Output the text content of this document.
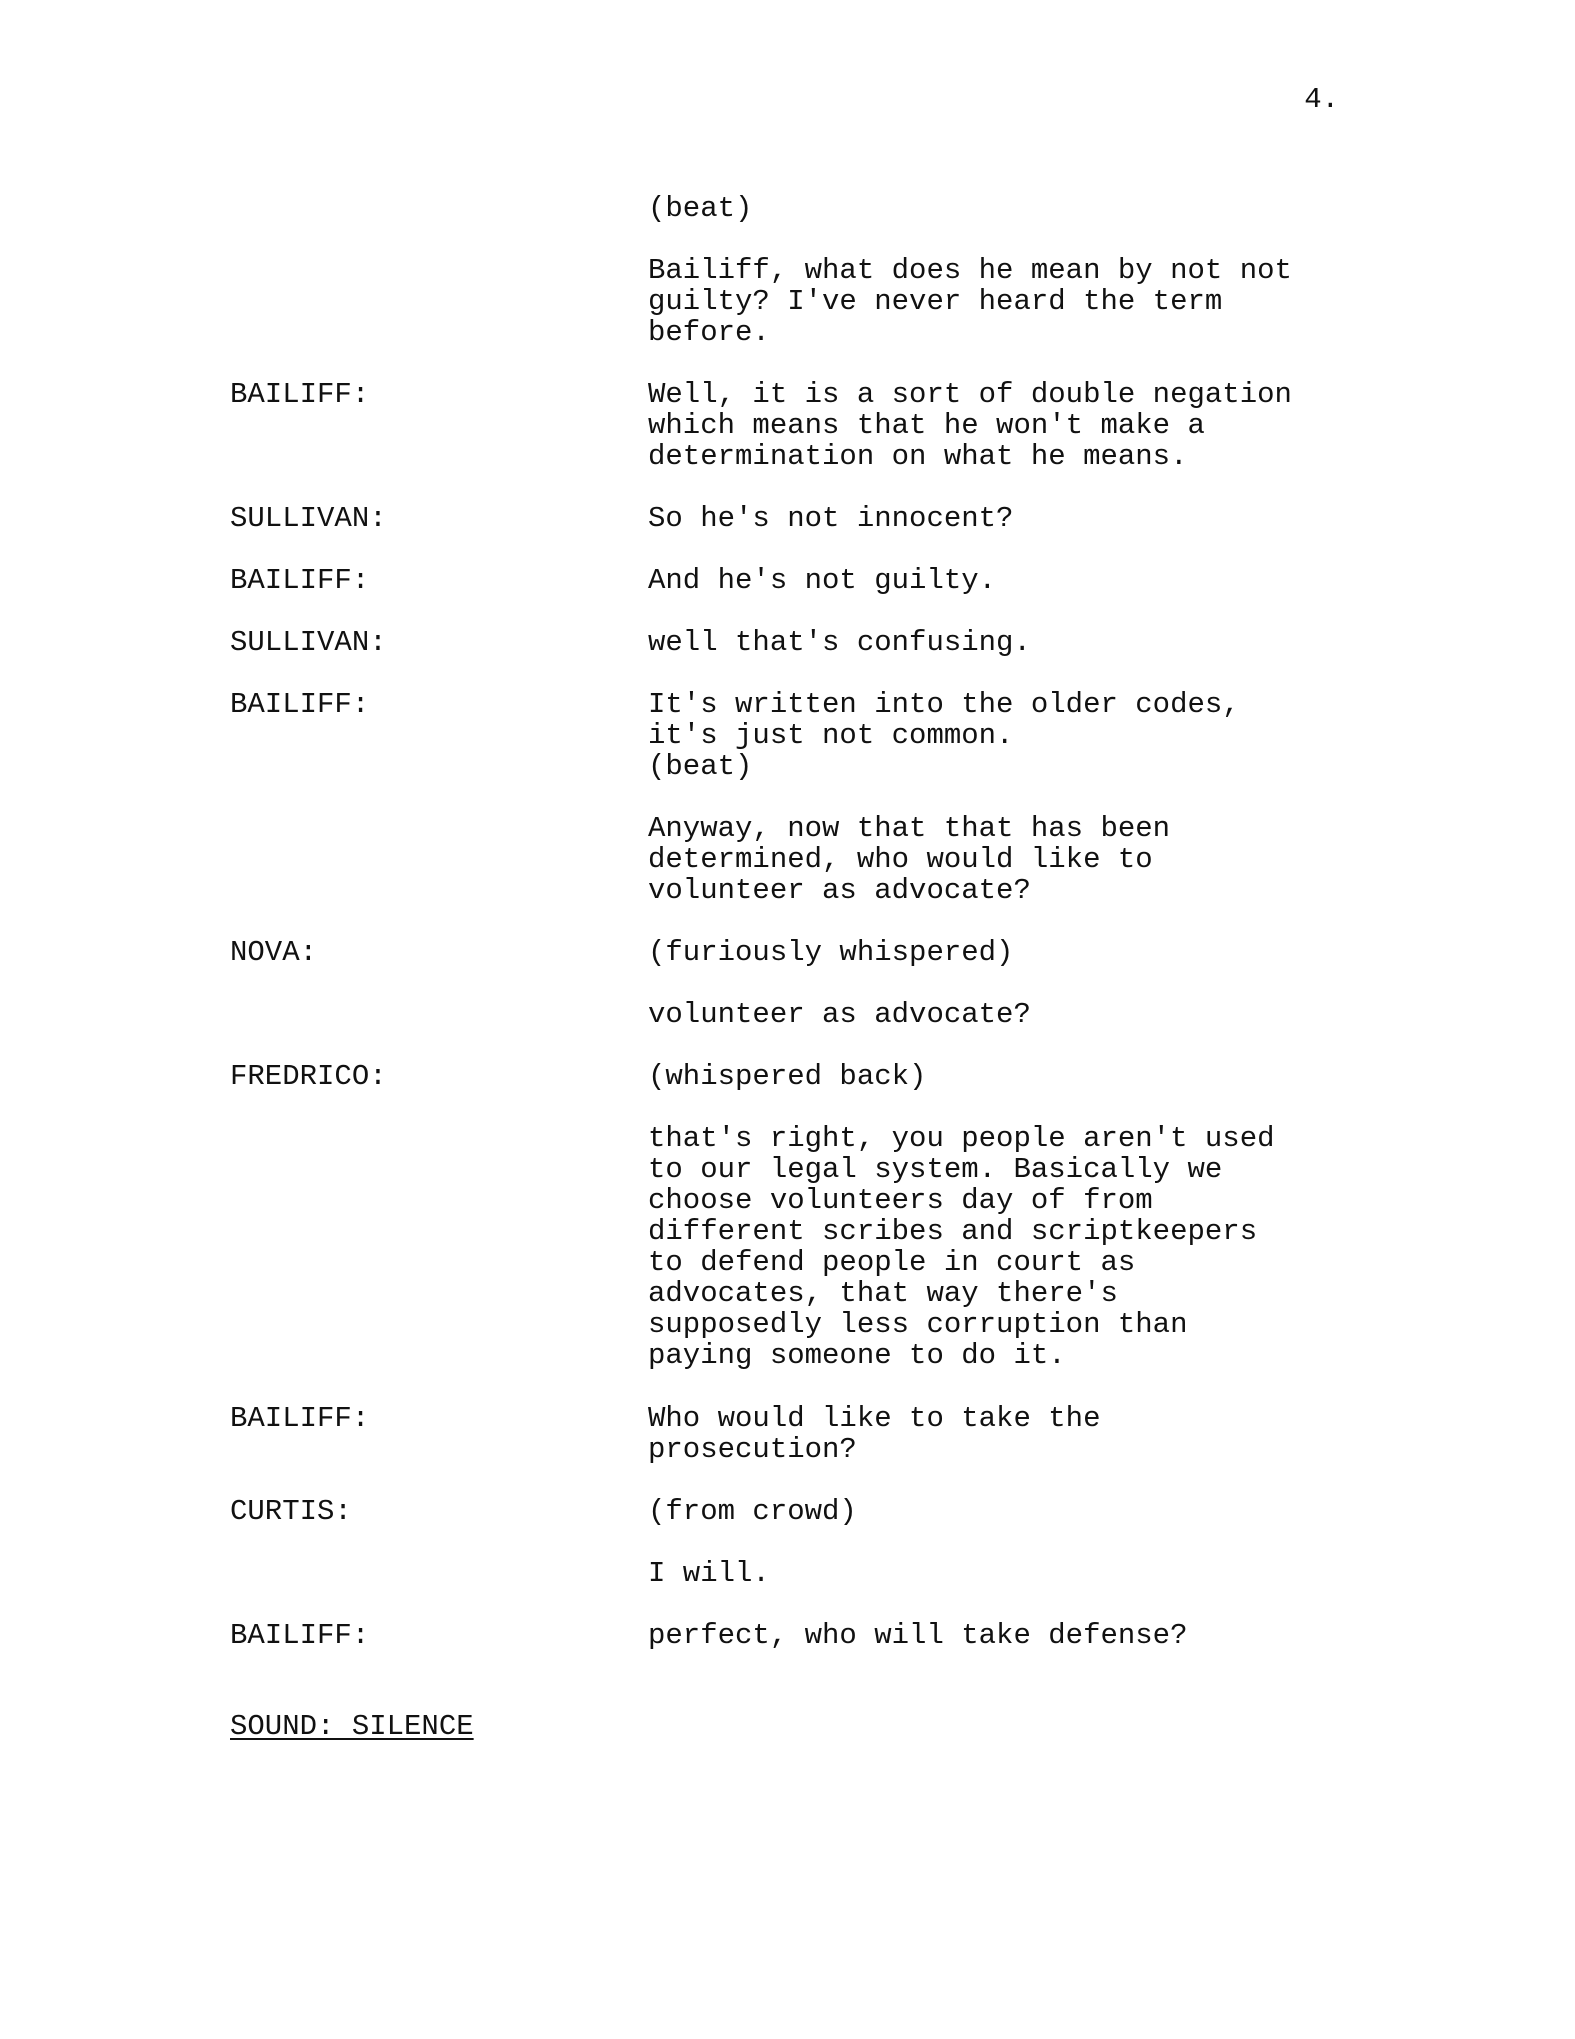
4.
(beat)
Bailiff, what does he mean by not not
guilty? I've never heard the term
before.
BAILIFF:	Well, it is a sort of double negation
which means that he won't make a
determination on what he means.
SULLIVAN:	So he's not innocent?
BAILIFF:	And he's not guilty.
SULLIVAN:	well that's confusing.
BAILIFF:	It's written into the older codes,
it's just not common.
(beat)
Anyway, now that that has been
determined, who would like to
volunteer as advocate?
NOVA:	(furiously whispered)
volunteer as advocate?
FREDRICO:	(whispered back)
that's right, you people aren't used
to our legal system. Basically we
choose volunteers day of from
different scribes and scriptkeepers
to defend people in court as
advocates, that way there's
supposedly less corruption than
paying someone to do it.
BAILIFF:	Who would like to take the
prosecution?
CURTIS:	(from crowd)
I will.
BAILIFF:	perfect, who will take defense?
SOUND: SILENCE
